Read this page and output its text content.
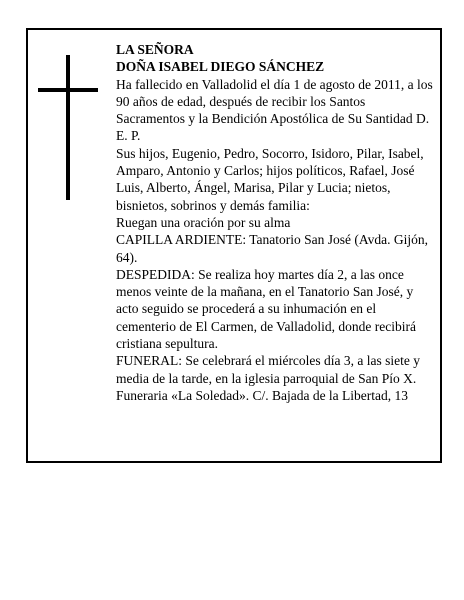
LA SEÑORA

DOÑA ISABEL DIEGO SÁNCHEZ

Ha fallecido en Valladolid el día 1 de agosto de 2011, a los 90 años de edad, después de recibir los Santos Sacramentos y la Bendición Apostólica de Su Santidad D. E. P.

Sus hijos, Eugenio, Pedro, Socorro, Isidoro, Pilar, Isabel, Amparo, Antonio y Carlos; hijos políticos, Rafael, José Luis, Alberto, Ángel, Marisa, Pilar y Lucia; nietos, bisnietos, sobrinos y demás familia:

Ruegan una oración por su alma

CAPILLA ARDIENTE: Tanatorio San José (Avda. Gijón, 64).

DESPEDIDA: Se realiza hoy martes día 2, a las once menos veinte de la mañana, en el Tanatorio San José, y acto seguido se procederá a su inhumación en el cementerio de El Carmen, de Valladolid, donde recibirá cristiana sepultura.

FUNERAL: Se celebrará el miércoles día 3, a las siete y media de la tarde, en la iglesia parroquial de San Pío X.

Funeraria «La Soledad». C/. Bajada de la Libertad, 13
